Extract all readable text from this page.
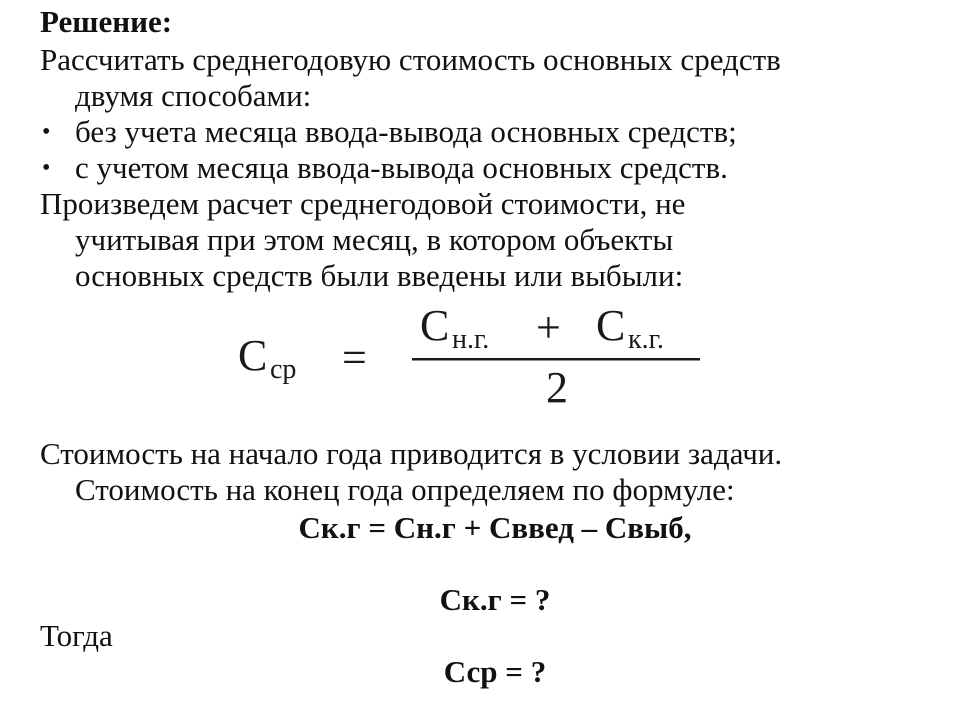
Решение:
Рассчитать среднегодовую стоимость основных средств
двумя способами:
• без учета месяца ввода-вывода основных средств;
• с учетом месяца ввода-вывода основных средств.
Произведем расчет среднегодовой стоимости, не
учитывая при этом месяц, в котором объекты
основных средств были введены или выбыли:
С ср =
С н.г. + С к.г.
2
Стоимость на начало года приводится в условии задачи.
Стоимость на конец года определяем по формуле:
Ск.г = Сн.г + Сввед – Свыб,
Ск.г = ?
Тогда
Сср = ?
